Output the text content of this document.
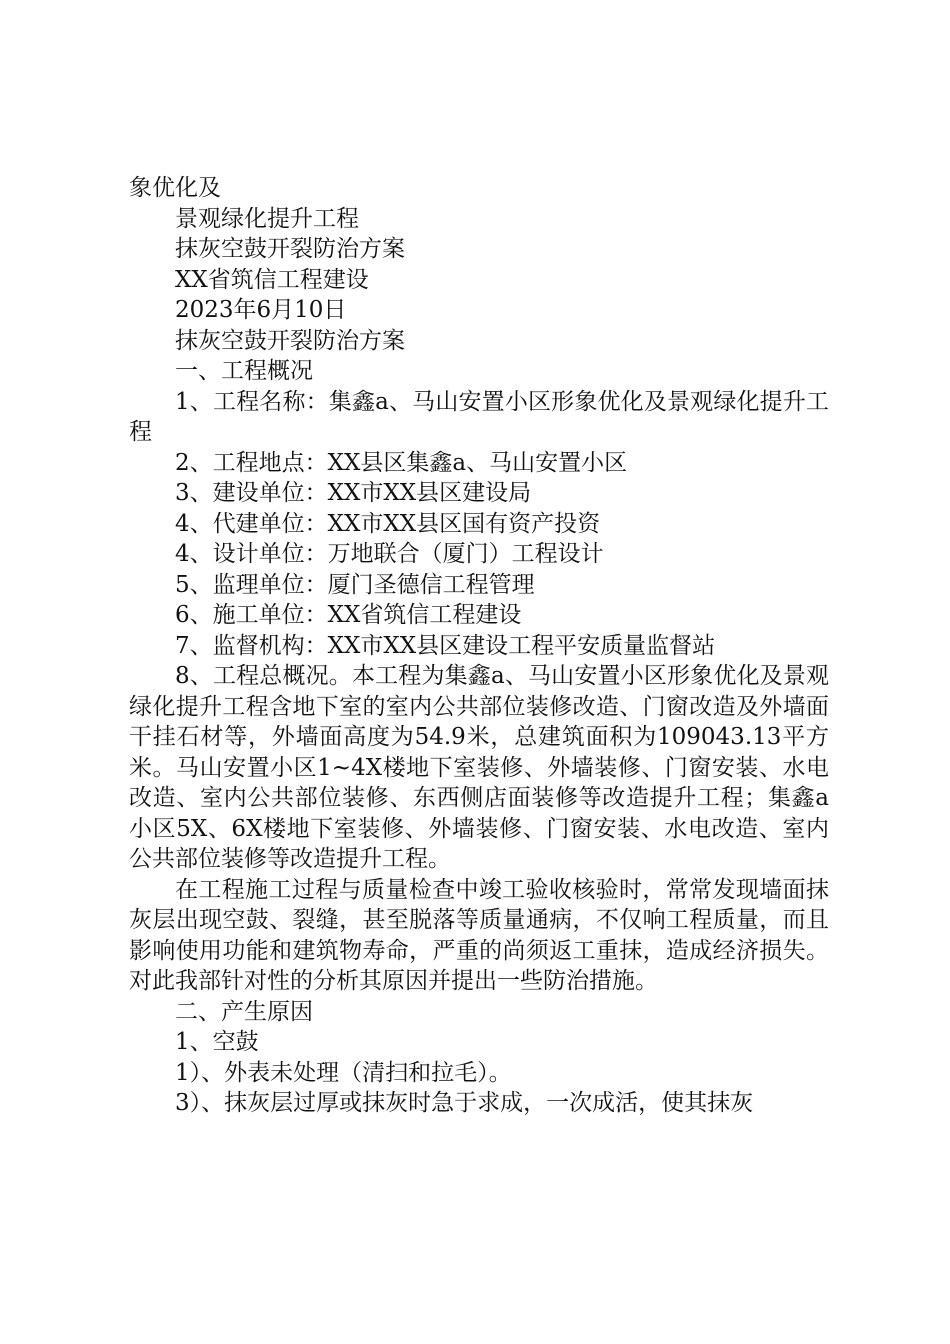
象优化及

景观绿化提升工程

抹灰空鼓开裂防治方案

XX省筑信工程建设

2023年6月10日

抹灰空鼓开裂防治方案

一、工程概况

1、工程名称：集鑫a、马山安置小区形象优化及景观绿化提升工程

2、工程地点：XX县区集鑫a、马山安置小区

3、建设单位：XX市XX县区建设局

4、代建单位：XX市XX县区国有资产投资

4、设计单位：万地联合（厦门）工程设计

5、监理单位：厦门圣德信工程管理

6、施工单位：XX省筑信工程建设

7、监督机构：XX市XX县区建设工程平安质量监督站

8、工程总概况。本工程为集鑫a、马山安置小区形象优化及景观绿化提升工程含地下室的室内公共部位装修改造、门窗改造及外墙面干挂石材等，外墙面高度为54.9米，总建筑面积为109043.13平方米。马山安置小区1~4X楼地下室装修、外墙装修、门窗安装、水电改造、室内公共部位装修、东西侧店面装修等改造提升工程；集鑫a小区5X、6X楼地下室装修、外墙装修、门窗安装、水电改造、室内公共部位装修等改造提升工程。

在工程施工过程与质量检查中竣工验收核验时，常常发现墙面抹灰层出现空鼓、裂缝，甚至脱落等质量通病，不仅响工程质量，而且影响使用功能和建筑物寿命，严重的尚须返工重抹，造成经济损失。对此我部针对性的分析其原因并提出一些防治措施。

二、产生原因

1、空鼓

1）、外表未处理（清扫和拉毛）。

3）、抹灰层过厚或抹灰时急于求成，一次成活，使其抹灰
